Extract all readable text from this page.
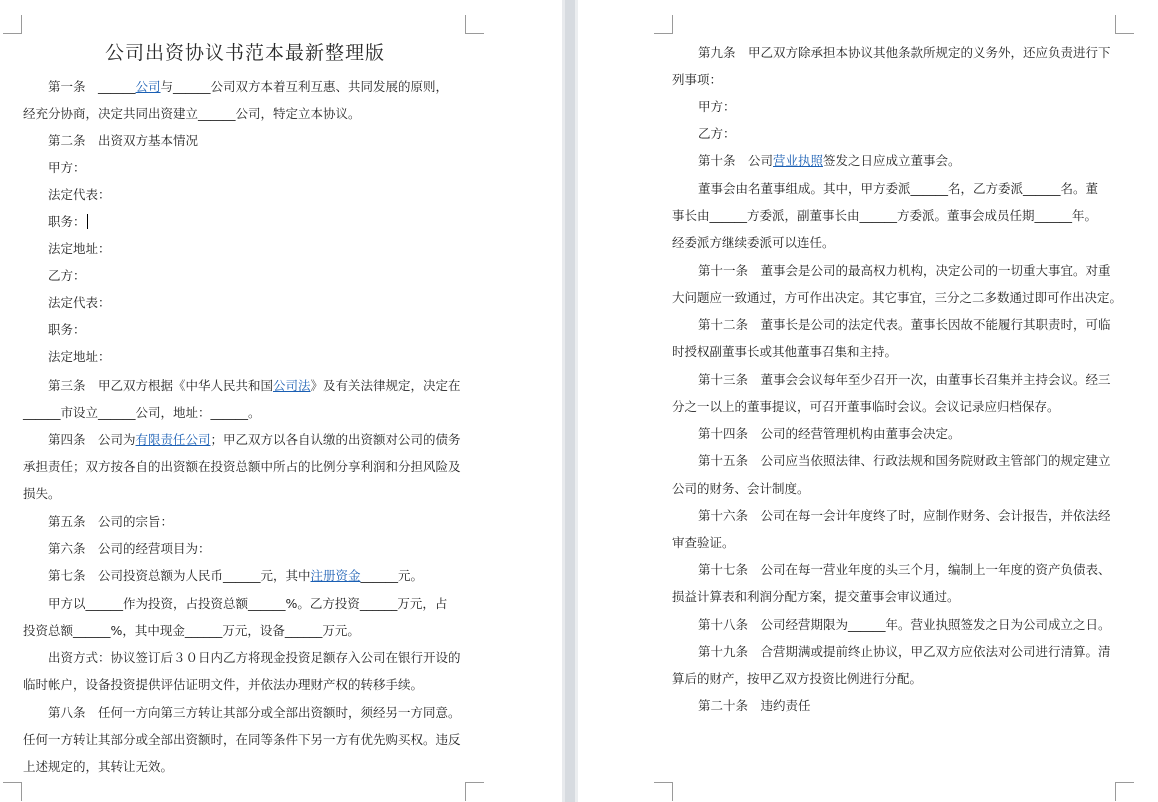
公司出资协议书范本最新整理版
第一条　______公司与______公司双方本着互利互惠、共同发展的原则，
经充分协商，决定共同出资建立______公司，特定立本协议。
第二条　出资双方基本情况
甲方：
法定代表：
职务：
法定地址：
乙方：
法定代表：
职务：
法定地址：
第三条　甲乙双方根据《中华人民共和国公司法》及有关法律规定，决定在
______市设立______公司，地址：______。
第四条　公司为有限责任公司；甲乙双方以各自认缴的出资额对公司的债务
承担责任；双方按各自的出资额在投资总额中所占的比例分享利润和分担风险及
损失。
第五条　公司的宗旨：
第六条　公司的经营项目为：
第七条　公司投资总额为人民币______元，其中注册资金______元。
甲方以______作为投资，占投资总额______%。乙方投资______万元，占
投资总额______%，其中现金______万元，设备______万元。
出资方式：协议签订后３０日内乙方将现金投资足额存入公司在银行开设的
临时帐户，设备投资提供评估证明文件，并依法办理财产权的转移手续。
第八条　任何一方向第三方转让其部分或全部出资额时，须经另一方同意。
任何一方转让其部分或全部出资额时，在同等条件下另一方有优先购买权。违反
上述规定的，其转让无效。
第九条　甲乙双方除承担本协议其他条款所规定的义务外，还应负责进行下
列事项：
甲方：
乙方：
第十条　公司营业执照签发之日应成立董事会。
董事会由名董事组成。其中，甲方委派______名，乙方委派______名。董
事长由______方委派，副董事长由______方委派。董事会成员任期______年。
经委派方继续委派可以连任。
第十一条　董事会是公司的最高权力机构，决定公司的一切重大事宜。对重
大问题应一致通过，方可作出决定。其它事宜，三分之二多数通过即可作出决定。
第十二条　董事长是公司的法定代表。董事长因故不能履行其职责时，可临
时授权副董事长或其他董事召集和主持。
第十三条　董事会会议每年至少召开一次，由董事长召集并主持会议。经三
分之一以上的董事提议，可召开董事临时会议。会议记录应归档保存。
第十四条　公司的经营管理机构由董事会决定。
第十五条　公司应当依照法律、行政法规和国务院财政主管部门的规定建立
公司的财务、会计制度。
第十六条　公司在每一会计年度终了时，应制作财务、会计报告，并依法经
审查验证。
第十七条　公司在每一营业年度的头三个月，编制上一年度的资产负债表、
损益计算表和利润分配方案，提交董事会审议通过。
第十八条　公司经营期限为______年。营业执照签发之日为公司成立之日。
第十九条　合营期满或提前终止协议，甲乙双方应依法对公司进行清算。清
算后的财产，按甲乙双方投资比例进行分配。
第二十条　违约责任
